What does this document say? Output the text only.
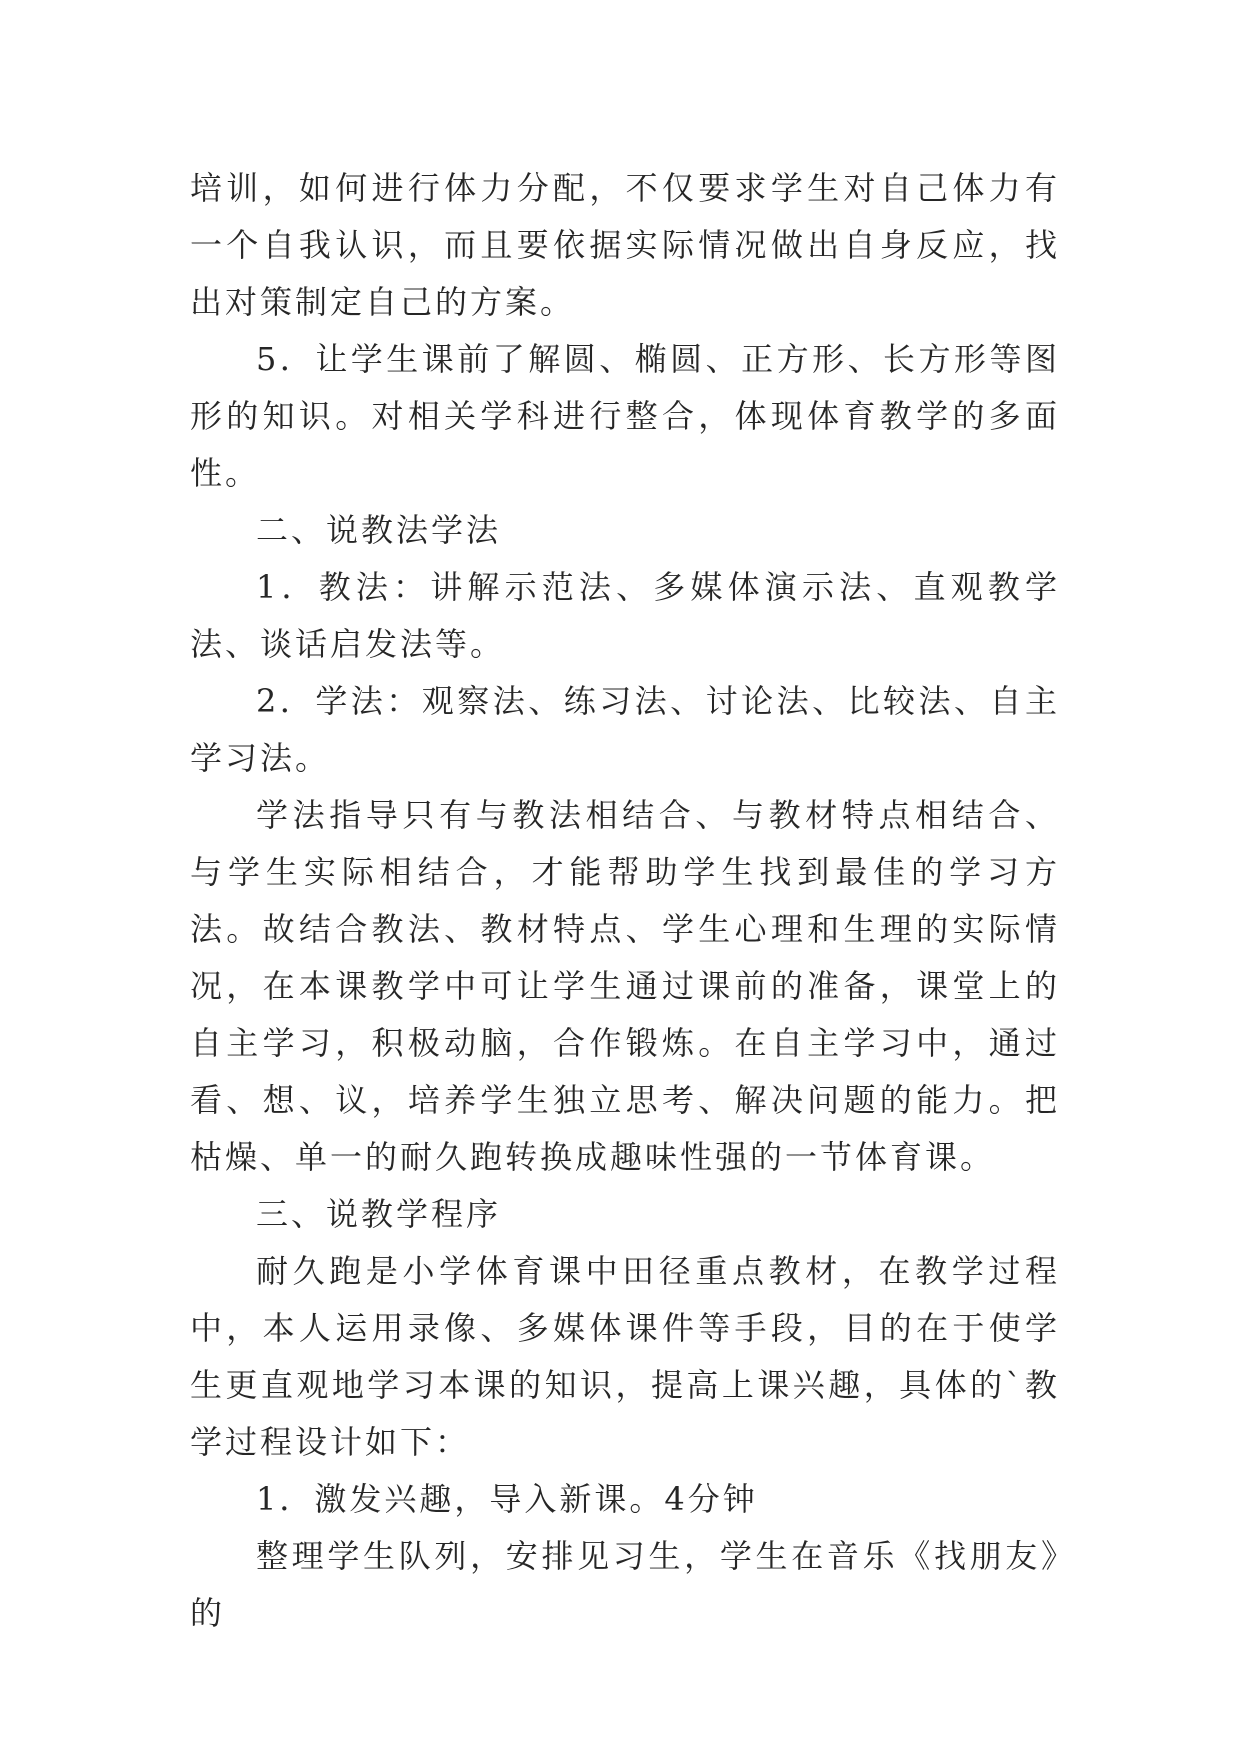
培训，如何进行体力分配，不仅要求学生对自己体力有一个自我认识，而且要依据实际情况做出自身反应，找出对策制定自己的方案。

5．让学生课前了解圆、椭圆、正方形、长方形等图形的知识。对相关学科进行整合，体现体育教学的多面性。

二、说教法学法

1．教法：讲解示范法、多媒体演示法、直观教学法、谈话启发法等。

2．学法：观察法、练习法、讨论法、比较法、自主学习法。

学法指导只有与教法相结合、与教材特点相结合、与学生实际相结合，才能帮助学生找到最佳的学习方法。故结合教法、教材特点、学生心理和生理的实际情况，在本课教学中可让学生通过课前的准备，课堂上的自主学习，积极动脑，合作锻炼。在自主学习中，通过看、想、议，培养学生独立思考、解决问题的能力。把枯燥、单一的耐久跑转换成趣味性强的一节体育课。

三、说教学程序

耐久跑是小学体育课中田径重点教材，在教学过程中，本人运用录像、多媒体课件等手段，目的在于使学生更直观地学习本课的知识，提高上课兴趣，具体的`教学过程设计如下：

1．激发兴趣，导入新课。4分钟

整理学生队列，安排见习生，学生在音乐《找朋友》的
